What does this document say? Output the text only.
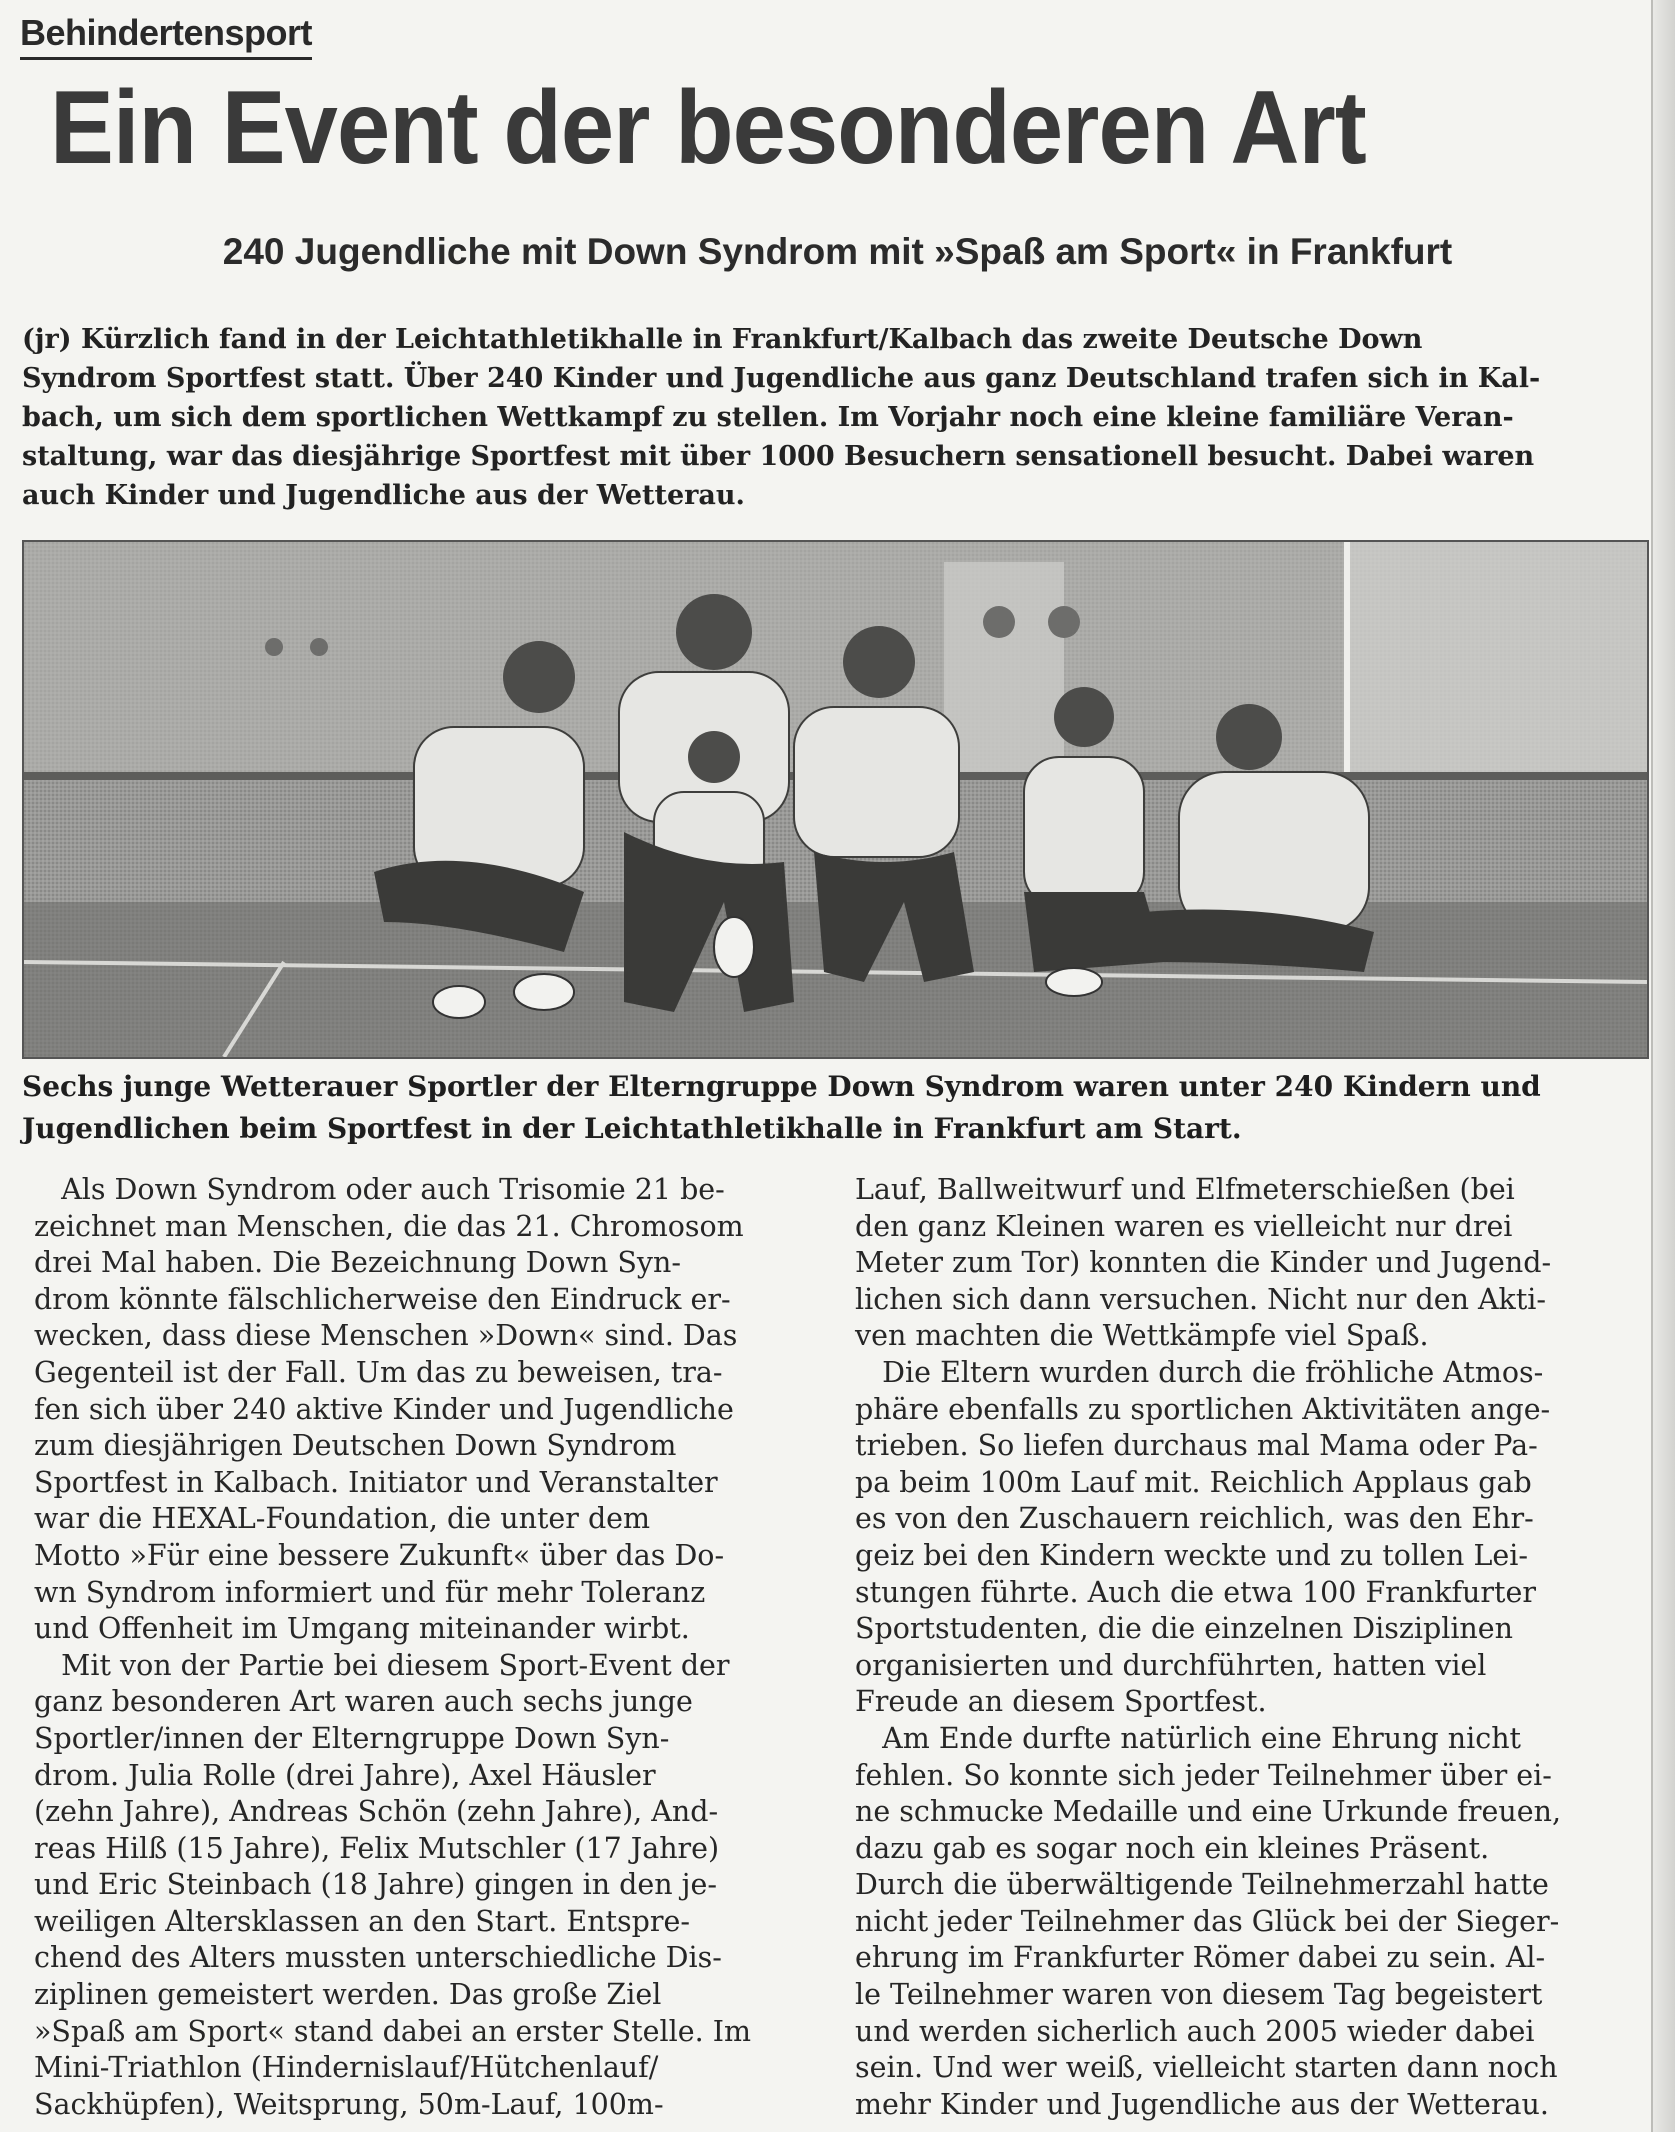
Behindertensport
Ein Event der besonderen Art
240 Jugendliche mit Down Syndrom mit »Spaß am Sport« in Frankfurt
(jr) Kürzlich fand in der Leichtathletikhalle in Frankfurt/Kalbach das zweite Deutsche Down
Syndrom Sportfest statt. Über 240 Kinder und Jugendliche aus ganz Deutschland trafen sich in Kal-
bach, um sich dem sportlichen Wettkampf zu stellen. Im Vorjahr noch eine kleine familiäre Veran-
staltung, war das diesjährige Sportfest mit über 1000 Besuchern sensationell besucht. Dabei waren
auch Kinder und Jugendliche aus der Wetterau.
Sechs junge Wetterauer Sportler der Elterngruppe Down Syndrom waren unter 240 Kindern und
Jugendlichen beim Sportfest in der Leichtathletikhalle in Frankfurt am Start.
Als Down Syndrom oder auch Trisomie 21 be-
zeichnet man Menschen, die das 21. Chromosom
drei Mal haben. Die Bezeichnung Down Syn-
drom könnte fälschlicherweise den Eindruck er-
wecken, dass diese Menschen »Down« sind. Das
Gegenteil ist der Fall. Um das zu beweisen, tra-
fen sich über 240 aktive Kinder und Jugendliche
zum diesjährigen Deutschen Down Syndrom
Sportfest in Kalbach. Initiator und Veranstalter
war die HEXAL-Foundation, die unter dem
Motto »Für eine bessere Zukunft« über das Do-
wn Syndrom informiert und für mehr Toleranz
und Offenheit im Umgang miteinander wirbt.
Mit von der Partie bei diesem Sport-Event der
ganz besonderen Art waren auch sechs junge
Sportler/innen der Elterngruppe Down Syn-
drom. Julia Rolle (drei Jahre), Axel Häusler
(zehn Jahre), Andreas Schön (zehn Jahre), And-
reas Hilß (15 Jahre), Felix Mutschler (17 Jahre)
und Eric Steinbach (18 Jahre) gingen in den je-
weiligen Altersklassen an den Start. Entspre-
chend des Alters mussten unterschiedliche Dis-
ziplinen gemeistert werden. Das große Ziel
»Spaß am Sport« stand dabei an erster Stelle. Im
Mini-Triathlon (Hindernislauf/Hütchenlauf/
Sackhüpfen), Weitsprung, 50m-Lauf, 100m-
Lauf, Ballweitwurf und Elfmeterschießen (bei
den ganz Kleinen waren es vielleicht nur drei
Meter zum Tor) konnten die Kinder und Jugend-
lichen sich dann versuchen. Nicht nur den Akti-
ven machten die Wettkämpfe viel Spaß.
Die Eltern wurden durch die fröhliche Atmos-
phäre ebenfalls zu sportlichen Aktivitäten ange-
trieben. So liefen durchaus mal Mama oder Pa-
pa beim 100m Lauf mit. Reichlich Applaus gab
es von den Zuschauern reichlich, was den Ehr-
geiz bei den Kindern weckte und zu tollen Lei-
stungen führte. Auch die etwa 100 Frankfurter
Sportstudenten, die die einzelnen Disziplinen
organisierten und durchführten, hatten viel
Freude an diesem Sportfest.
Am Ende durfte natürlich eine Ehrung nicht
fehlen. So konnte sich jeder Teilnehmer über ei-
ne schmucke Medaille und eine Urkunde freuen,
dazu gab es sogar noch ein kleines Präsent.
Durch die überwältigende Teilnehmerzahl hatte
nicht jeder Teilnehmer das Glück bei der Sieger-
ehrung im Frankfurter Römer dabei zu sein. Al-
le Teilnehmer waren von diesem Tag begeistert
und werden sicherlich auch 2005 wieder dabei
sein. Und wer weiß, vielleicht starten dann noch
mehr Kinder und Jugendliche aus der Wetterau.
